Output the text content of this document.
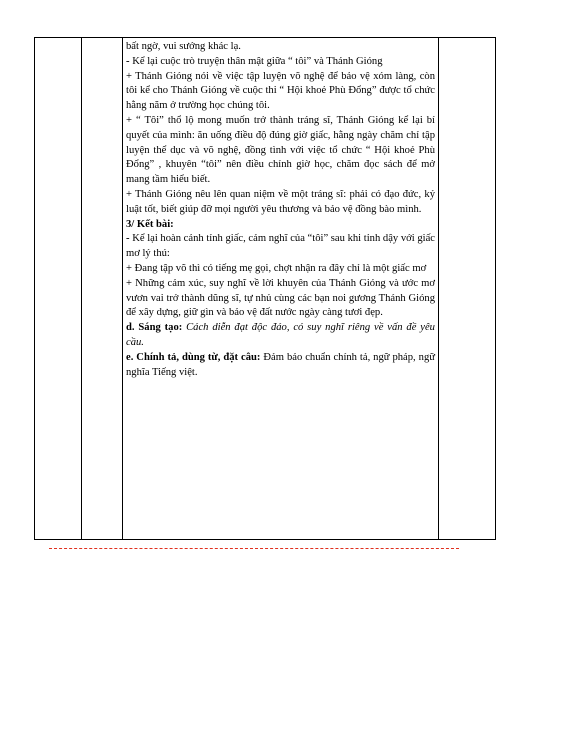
bất ngờ, vui sướng khác lạ.

- Kể lại cuộc trò truyện thân mật giữa “ tôi” và Thánh Gióng

+ Thánh Gióng nói về việc tập luyện võ nghệ để bảo vệ xóm làng, còn tôi kể cho Thánh Gióng về cuộc thi “ Hội khoẻ Phù Đổng” được tổ chức hằng năm ở trường học chúng tôi.

+ “ Tôi” thổ lộ mong muốn trở thành tráng sĩ, Thánh Gióng kể lại bí quyết của mình: ăn uống điều độ đúng giờ giấc, hằng ngày chăm chỉ tập luyện thể dục và võ nghệ, đồng tình với việc tổ chức “ Hội khoẻ Phù Đổng” , khuyên “tôi” nên điều chỉnh giờ học, chăm đọc sách để mở mang tầm hiểu biết.

+ Thánh Gióng nêu lên quan niệm về một tráng sĩ: phải có đạo đức, kỷ luật tốt, biết giúp đỡ mọi người yêu thương và bảo vệ đồng bào mình.

3/ Kết bài:

- Kể lại hoàn cảnh tỉnh giấc, cảm nghĩ của “tôi” sau khi tỉnh dậy với giấc mơ lý thú:

+ Đang tập võ thì có tiếng mẹ gọi, chợt nhận ra đây chỉ là một giấc mơ

+ Những cảm xúc, suy nghĩ về lời khuyên của Thánh Gióng và ước mơ vươn vai trở thành dũng sĩ, tự nhủ cùng các bạn noi gương Thánh Gióng để xây dựng, giữ gìn và bảo vệ đất nước ngày càng tươi đẹp.

d. Sáng tạo: Cách diễn đạt độc đáo, có suy nghĩ riêng về vấn đề yêu cầu.

e. Chính tả, dùng từ, đặt câu: Đảm bảo chuẩn chính tả, ngữ pháp, ngữ nghĩa Tiếng việt.
